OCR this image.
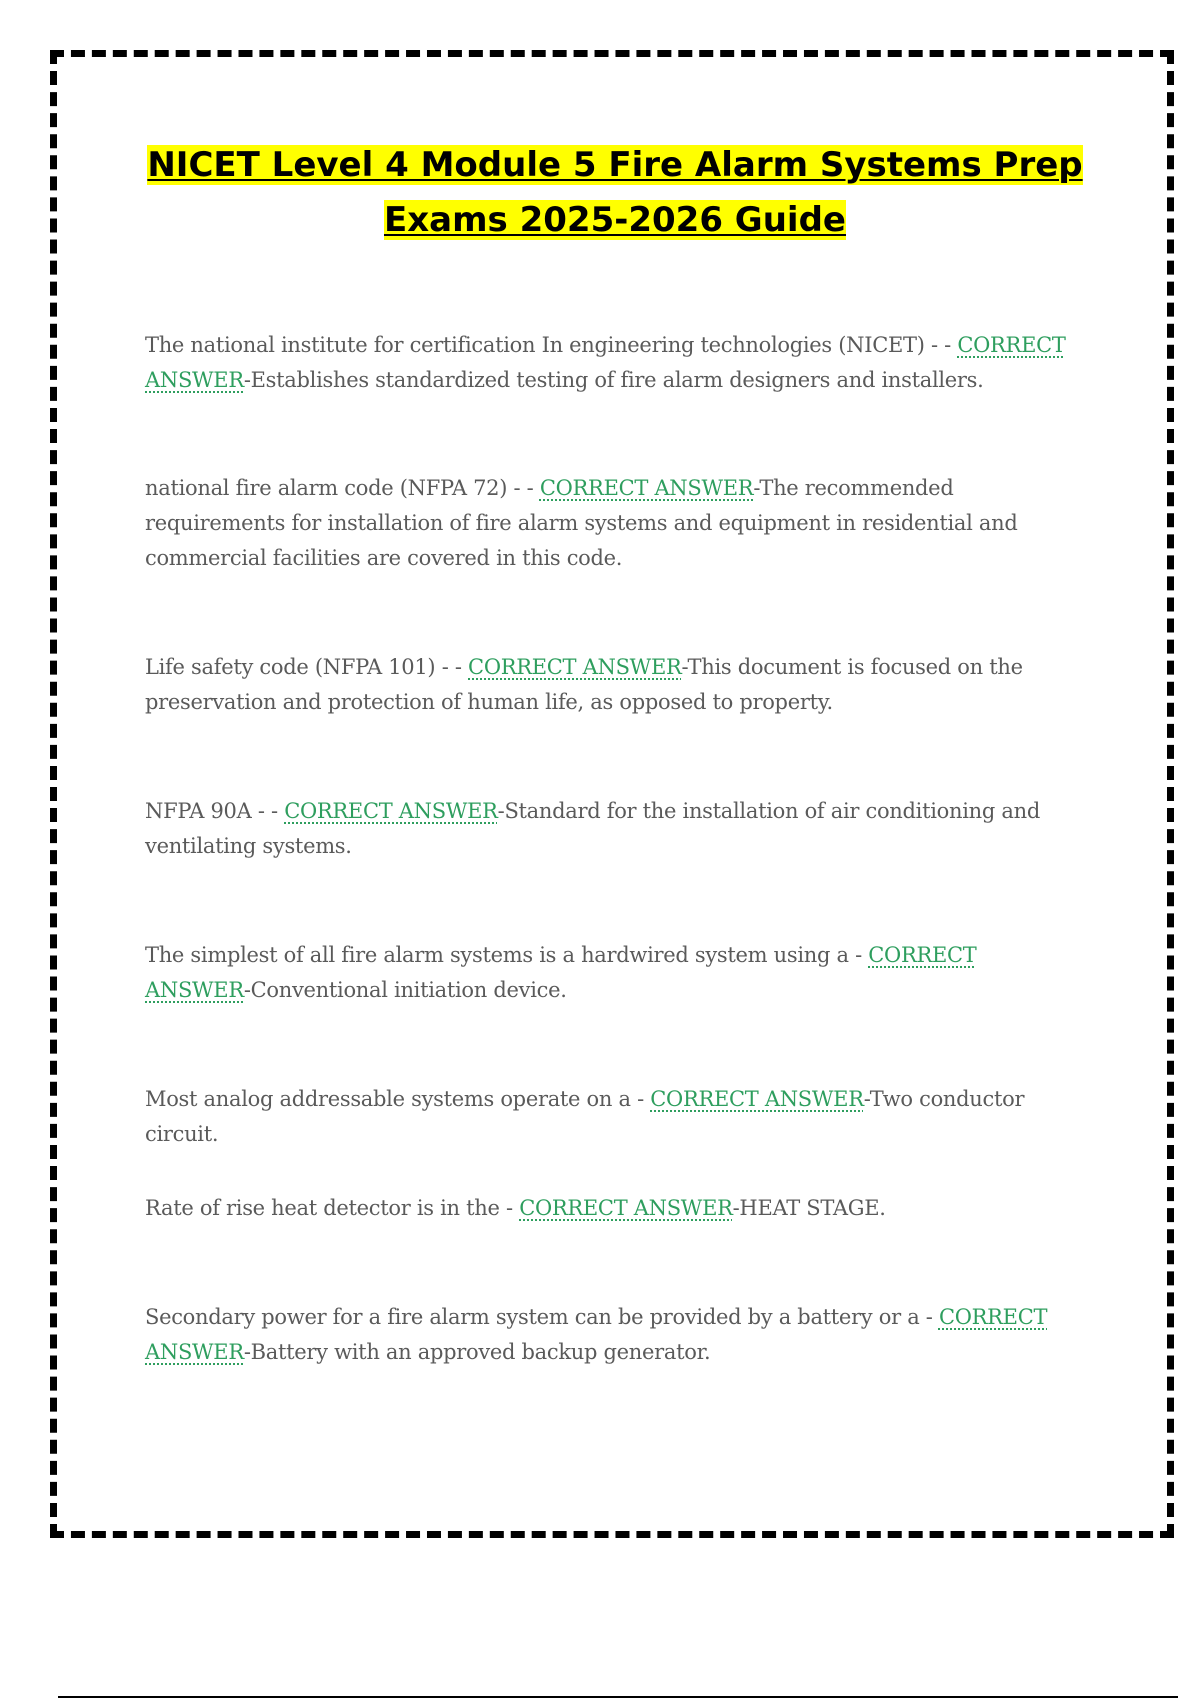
NICET Level 4 Module 5 Fire Alarm Systems Prep Exams 2025-2026 Guide
The national institute for certification In engineering technologies (NICET) - - CORRECT ANSWER-Establishes standardized testing of fire alarm designers and installers.
national fire alarm code (NFPA 72) - - CORRECT ANSWER-The recommended requirements for installation of fire alarm systems and equipment in residential and commercial facilities are covered in this code.
Life safety code (NFPA 101) - - CORRECT ANSWER-This document is focused on the preservation and protection of human life, as opposed to property.
NFPA 90A - - CORRECT ANSWER-Standard for the installation of air conditioning and ventilating systems.
The simplest of all fire alarm systems is a hardwired system using a - CORRECT ANSWER-Conventional initiation device.
Most analog addressable systems operate on a - CORRECT ANSWER-Two conductor circuit.
Rate of rise heat detector is in the - CORRECT ANSWER-HEAT STAGE.
Secondary power for a fire alarm system can be provided by a battery or a - CORRECT ANSWER-Battery with an approved backup generator.
